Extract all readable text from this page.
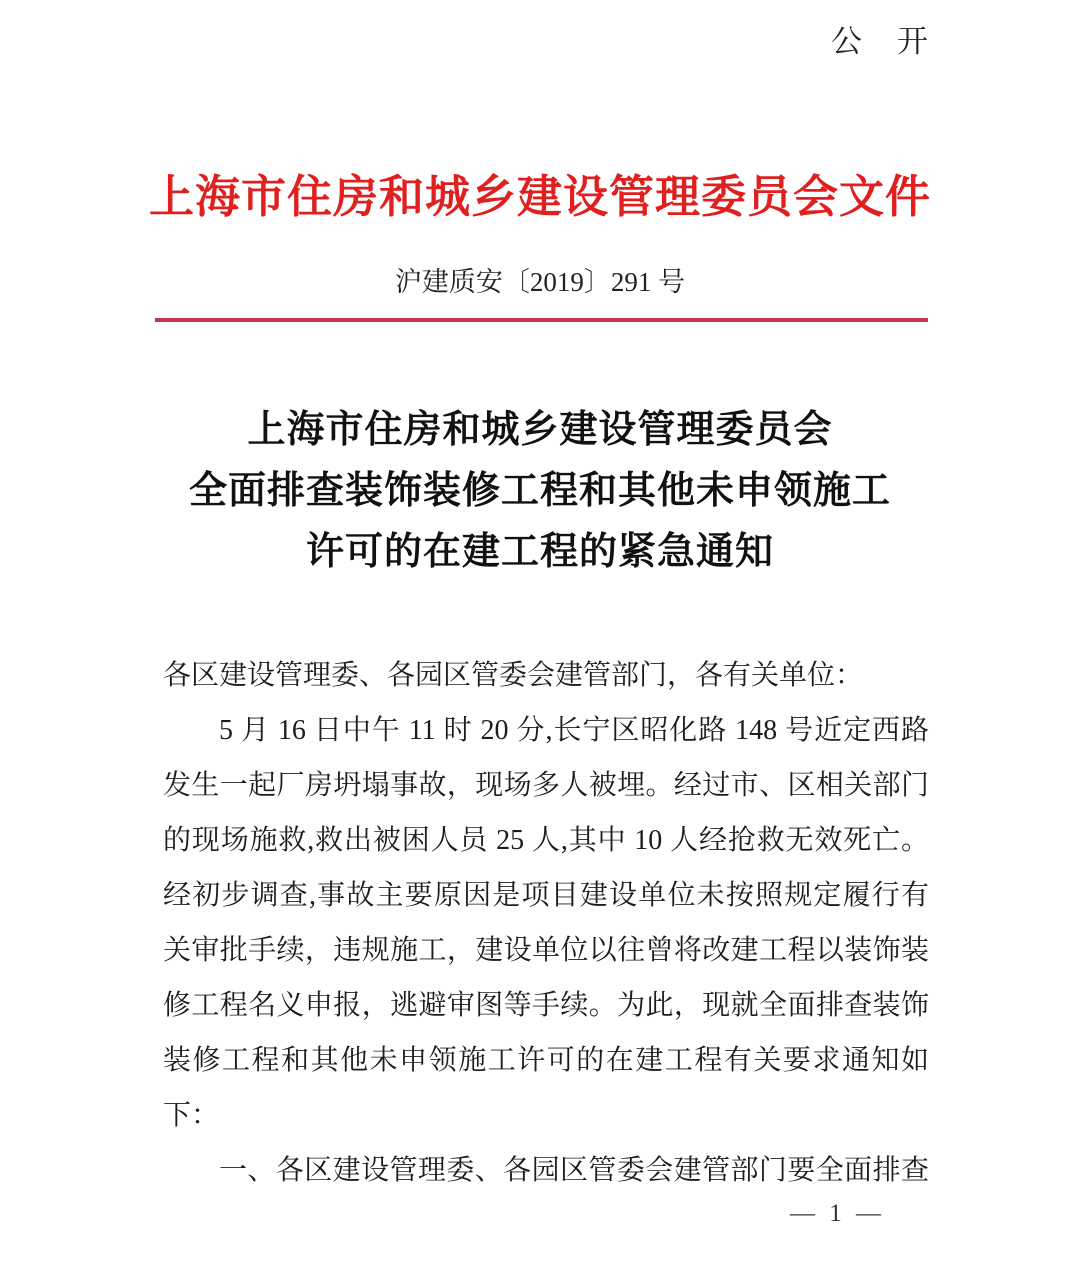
公　开
上海市住房和城乡建设管理委员会文件
沪建质安〔2019〕291 号
上海市住房和城乡建设管理委员会
全面排查装饰装修工程和其他未申领施工
许可的在建工程的紧急通知
各区建设管理委、各园区管委会建管部门，各有关单位：
5 月 16 日中午 11 时 20 分,长宁区昭化路 148 号近定西路
发生一起厂房坍塌事故，现场多人被埋。经过市、区相关部门
的现场施救,救出被困人员 25 人,其中 10 人经抢救无效死亡。
经初步调查,事故主要原因是项目建设单位未按照规定履行有
关审批手续，违规施工，建设单位以往曾将改建工程以装饰装
修工程名义申报，逃避审图等手续。为此，现就全面排查装饰
装修工程和其他未申领施工许可的在建工程有关要求通知如
下：
一、各区建设管理委、各园区管委会建管部门要全面排查
— 1 —
